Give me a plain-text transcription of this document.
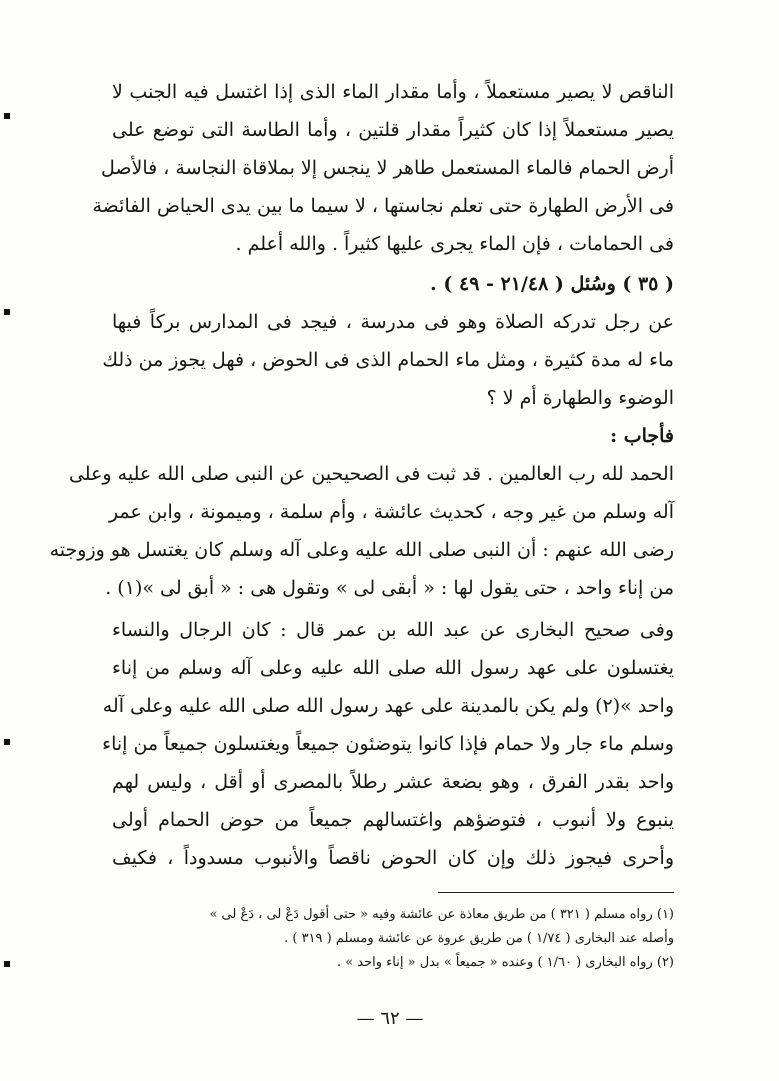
الناقص لا يصير مستعملاً ، وأما مقدار الماء الذى إذا اغتسل فيه الجنب لا
يصير مستعملاً إذا كان كثيراً مقدار قلتين ، وأما الطاسة التى توضع على
أرض الحمام فالماء المستعمل طاهر لا ينجس إلا بملاقاة النجاسة ، فالأصل
فى الأرض الطهارة حتى تعلم نجاستها ، لا سيما ما بين يدى الحياض الفائضة
فى الحمامات ، فإن الماء يجرى عليها كثيراً . والله أعلم .
( ٣٥ ) وسُئل ( ٢١/٤٨ - ٤٩ ) .
عن رجل تدركه الصلاة وهو فى مدرسة ، فيجد فى المدارس بركاً فيها
ماء له مدة كثيرة ، ومثل ماء الحمام الذى فى الحوض ، فهل يجوز من ذلك
الوضوء والطهارة أم لا ؟
فأجاب :
الحمد لله رب العالمين . قد ثبت فى الصحيحين عن النبى صلى الله عليه وعلى
آله وسلم من غير وجه ، كحديث عائشة ، وأم سلمة ، وميمونة ، وابن عمر
رضى الله عنهم : أن النبى صلى الله عليه وعلى آله وسلم كان يغتسل هو وزوجته
من إناء واحد ، حتى يقول لها : « أبقى لى » وتقول هى : « أبق لى »(١) .
وفى صحيح البخارى عن عبد الله بن عمر قال : كان الرجال والنساء
يغتسلون على عهد رسول الله صلى الله عليه وعلى آله وسلم من إناء
واحد »(٢) ولم يكن بالمدينة على عهد رسول الله صلى الله عليه وعلى آله
وسلم ماء جار ولا حمام فإذا كانوا يتوضئون جميعاً ويغتسلون جميعاً من إناء
واحد بقدر الفرق ، وهو بضعة عشر رطلاً بالمصرى أو أقل ، وليس لهم
ينبوع ولا أنبوب ، فتوضؤهم واغتسالهم جميعاً من حوض الحمام أولى
وأحرى فيجوز ذلك وإن كان الحوض ناقصاً والأنبوب مسدوداً ، فكيف
(١) رواه مسلم ( ٣٢١ ) من طريق معاذة عن عائشة وفيه « حتى أقول دَعْ لى ، دَعْ لى »
وأصله عند البخارى ( ١/٧٤ ) من طريق عروة عن عائشة ومسلم ( ٣١٩ ) .
(٢) رواه البخارى ( ١/٦٠ ) وعنده « جميعاً » بدل « إناء واحد » .
— ٦٢ —
